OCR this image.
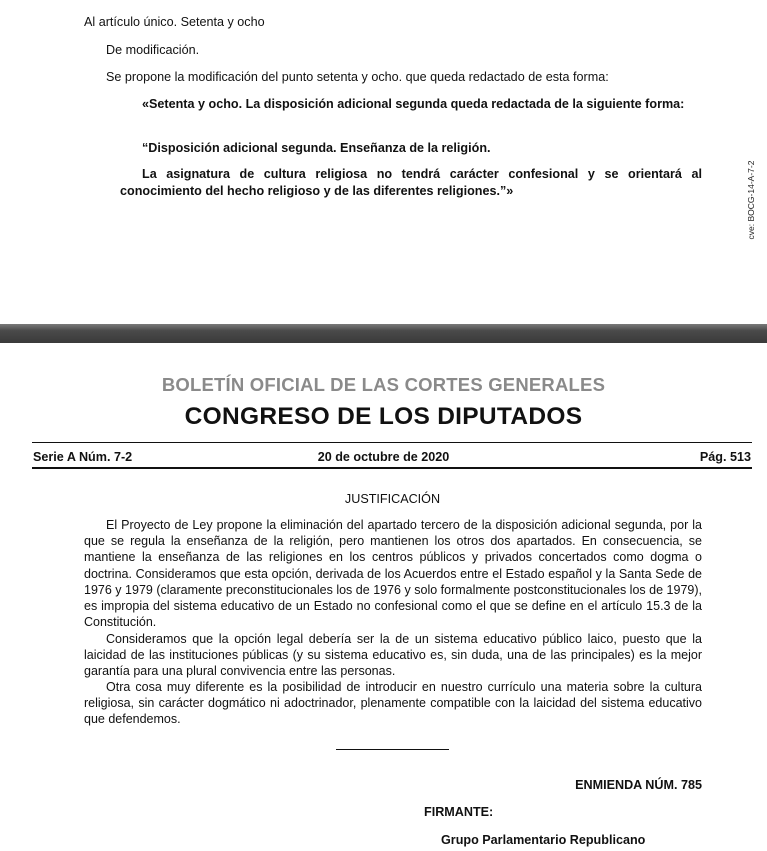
Al artículo único. Setenta y ocho
De modificación.
Se propone la modificación del punto setenta y ocho. que queda redactado de esta forma:
«Setenta y ocho. La disposición adicional segunda queda redactada de la siguiente forma:
“Disposición adicional segunda. Enseñanza de la religión.
La asignatura de cultura religiosa no tendrá carácter confesional y se orientará al conocimiento del hecho religioso y de las diferentes religiones.”»	cve: BOCG-14-A-7-2
BOLETÍN OFICIAL DE LAS CORTES GENERALES
CONGRESO DE LOS DIPUTADOS
Serie A Núm. 7-2	20 de octubre de 2020	Pág. 513
JUSTIFICACIÓN
El Proyecto de Ley propone la eliminación del apartado tercero de la disposición adicional segunda, por la que se regula la enseñanza de la religión, pero mantienen los otros dos apartados. En consecuencia, se mantiene la enseñanza de las religiones en los centros públicos y privados concertados como dogma o doctrina. Consideramos que esta opción, derivada de los Acuerdos entre el Estado español y la Santa Sede de 1976 y 1979 (claramente preconstitucionales los de 1976 y solo formalmente postconstitucionales los de 1979), es impropia del sistema educativo de un Estado no confesional como el que se define en el artículo 15.3 de la Constitución.
Consideramos que la opción legal debería ser la de un sistema educativo público laico, puesto que la laicidad de las instituciones públicas (y su sistema educativo es, sin duda, una de las principales) es la mejor garantía para una plural convivencia entre las personas.
Otra cosa muy diferente es la posibilidad de introducir en nuestro currículo una materia sobre la cultura religiosa, sin carácter dogmático ni adoctrinador, plenamente compatible con la laicidad del sistema educativo que defendemos.
ENMIENDA NÚM. 785
FIRMANTE:
Grupo Parlamentario Republicano
